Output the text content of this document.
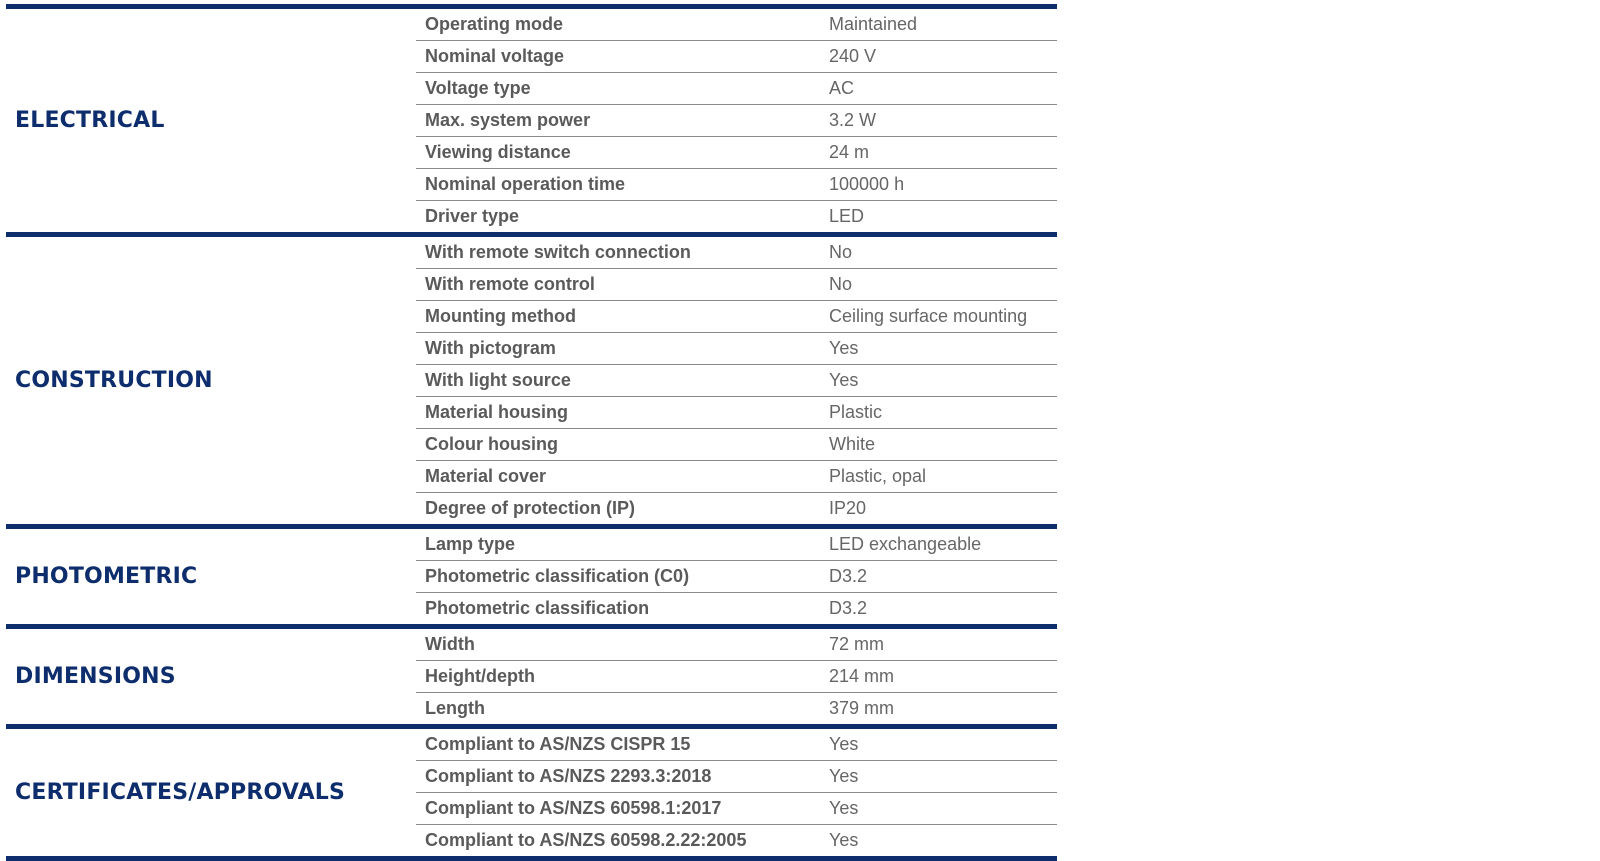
ELECTRICAL
Operating mode	Maintained
Nominal voltage	240 V
Voltage type	AC
Max. system power	3.2 W
Viewing distance	24 m
Nominal operation time	100000 h
Driver type	LED
CONSTRUCTION
With remote switch connection	No
With remote control	No
Mounting method	Ceiling surface mounting
With pictogram	Yes
With light source	Yes
Material housing	Plastic
Colour housing	White
Material cover	Plastic, opal
Degree of protection (IP)	IP20
PHOTOMETRIC
Lamp type	LED exchangeable
Photometric classification (C0)	D3.2
Photometric classification	D3.2
DIMENSIONS
Width	72 mm
Height/depth	214 mm
Length	379 mm
CERTIFICATES/APPROVALS
Compliant to AS/NZS CISPR 15	Yes
Compliant to AS/NZS 2293.3:2018	Yes
Compliant to AS/NZS 60598.1:2017	Yes
Compliant to AS/NZS 60598.2.22:2005	Yes
